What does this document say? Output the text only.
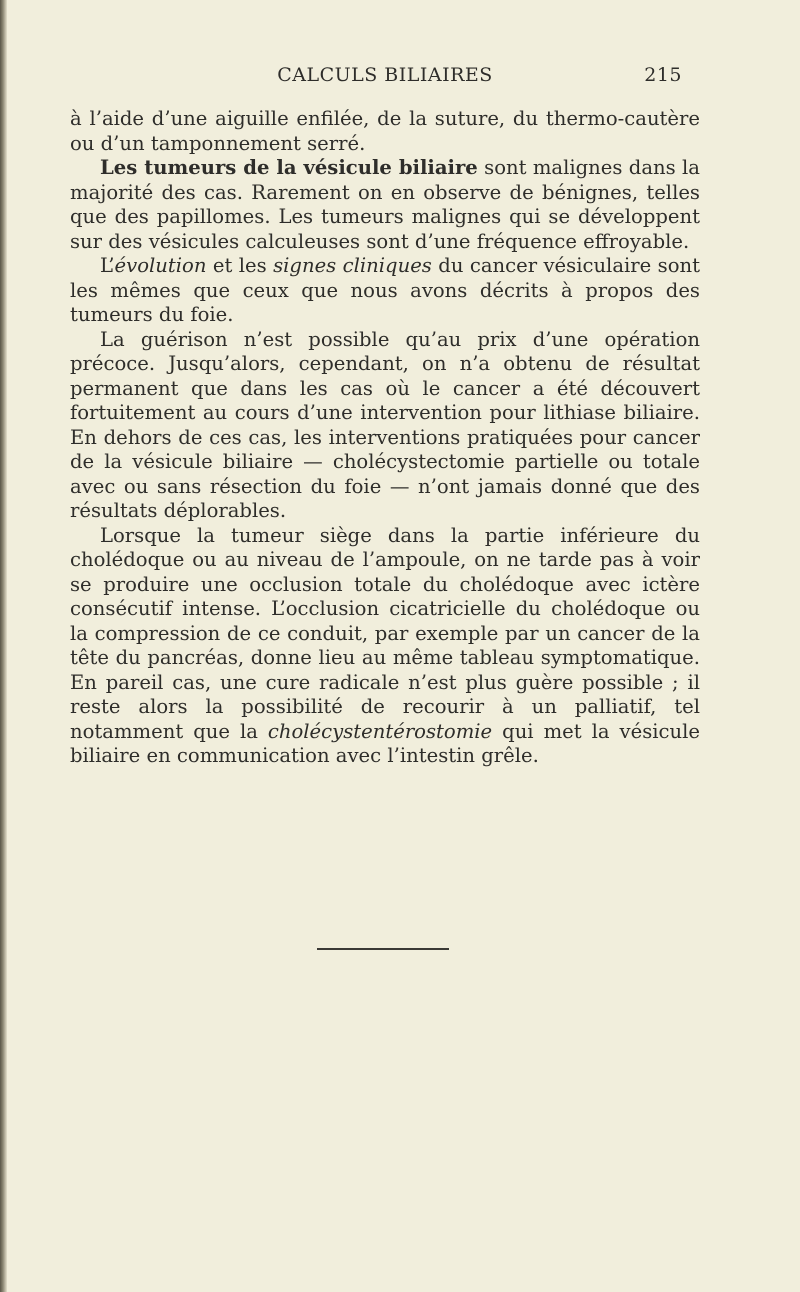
CALCULS BILIAIRES	215

à l’aide d’une aiguille enfilée, de la suture, du thermo-cautère ou d’un tamponnement serré.

Les tumeurs de la vésicule biliaire sont malignes dans la majorité des cas. Rarement on en observe de bénignes, telles que des papillomes. Les tumeurs malignes qui se développent sur des vésicules calculeuses sont d’une fréquence effroyable.

L’évolution et les signes cliniques du cancer vésiculaire sont les mêmes que ceux que nous avons décrits à propos des tumeurs du foie.

La guérison n’est possible qu’au prix d’une opération précoce. Jusqu’alors, cependant, on n’a obtenu de résultat permanent que dans les cas où le cancer a été découvert fortuitement au cours d’une intervention pour lithiase biliaire. En dehors de ces cas, les interventions pratiquées pour cancer de la vésicule biliaire — cholécystectomie partielle ou totale avec ou sans résection du foie — n’ont jamais donné que des résultats déplorables.

Lorsque la tumeur siège dans la partie inférieure du cholédoque ou au niveau de l’ampoule, on ne tarde pas à voir se produire une occlusion totale du cholédoque avec ictère consécutif intense. L’occlusion cicatricielle du cholédoque ou la compression de ce conduit, par exemple par un cancer de la tête du pancréas, donne lieu au même tableau symptomatique. En pareil cas, une cure radicale n’est plus guère possible ; il reste alors la possibilité de recourir à un palliatif, tel notamment que la cholécystentérostomie qui met la vésicule biliaire en communication avec l’intestin grêle.
